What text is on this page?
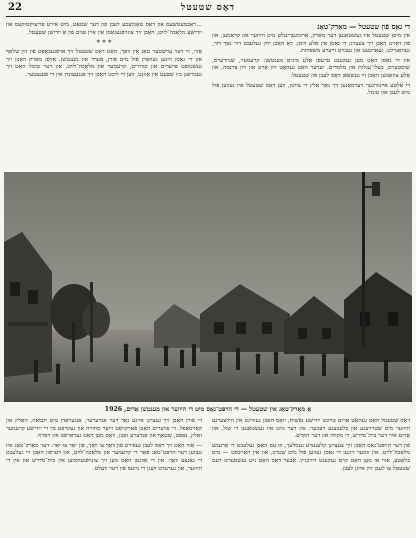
22	דאָס שטעטל

…ראַכמעטשעס און דאָס טאָגלעכע לעבן פֿון דער שטאָט, מיט אירע פּריציקטיקעס און ייִדישע מלאָכה־לײַט, האָבן זיך צונויפֿגעגאָסן אין איין פּנים פֿון אַ ייִדישן שטעטל.

* * *

אַזױ, װי דער ערשטער טאָג אין וואָך, האָט דאָס שטעטל זיך אױפֿגעכאַפּט פֿון זײַן שלאָף און די גאַסן זײַנען געװאָרן פֿול מיט פֿורן, פֿערד און מענטשן. אױפֿן מאַרק האָבן זיך געשטופּט פּױערים און סוחרים, קרעמער און מלאָכה־לײַט, און דער טומל האָט זיך געטראָגן ביז שפּעט אין אָװנט, ווען די ליכט האָבן זיך אָנגעצונדן אין די פֿענצטער.

די גאַס פֿון שטעטל — מאַרק־טאָג

אין מיטן שטעטל איז געשטאַנען דער מאַרק, אַרומגערינגלט מיט הײַזער און קראָמען, און פֿון דאָרט האָבן זיך צעצױגן די גאַסן אין אַלע זײַטן. דאָ האָבן ייִדן געלעבט דור נאָך דור, געהאַנדלט, געאַרבעט און געבױט זײערע משפּחות.

אין די גאַסן האָט מען געקענט טרעפֿן אַלע מינים מענטשן: קרעמער, שנײַדערס, שוסטערס, בעלי־עגלות און מלמדים. יעדער האָט געהאַט זײַן אָרט און זײַן פּרנסה, און אַלע צוזאַמען האָבן זײ געשאַפֿן דאָס לעבן פֿון שטעטל.

די אַלטע אײנװױנער דערמאָנען זיך נאָך אַלץ די צײַטן, ווען דאָס שטעטל איז געװען פֿול מיט לעבן און טומל.

אַ מאַרק־טאָג אין שטעטל — די הױפּט־גאַס מיט די הײַזער און מענטשן אַרום, 1926

די פֿורן האָבן זיך געצױגן איינע נאָך דער אַנדערער, אָנגעלאָדן מיט תּבואה, האָלץ און קאַרטאָפֿל. די פּױערים האָבן פֿאַרקױפֿט זײער סחורה און געקױפֿט בײַ די ייִדישע קרעמער זאַלץ, נאַפֿט, שטאָף און אַנדערע זאַכן, וואָס מען האָט געדאַרפֿט אין דאָרף.

— אַזױ האָט זיך דאָס לעבן געפֿירט פֿון װאָך צו װאָך, פֿון יאָר צו יאָר. דער מאַרק־טאָג איז געװען דער הױפּט־טאָג פֿאַר די קרעמער און מלאָכה־לײַט, און דערפֿון האָבן זײ געלעבט די גאַנצע װאָך. אין די אָװנטן האָט מען זיך צונױפֿגעקומען אין בית־מדרש און אין די הײַזער, און גערעדט װעגן די נײַעס פֿון דער װעלט.

דאָס שטעטל האָט געהאַט אַרום טױזנט ייִדישע נפֿשות, וואָס האָבן געװױנט אין הילצערנע הײַזער מיט שטרױענע און בלעכענע דעכער. אין דער מיט איז געשטאַנען די שול, און אַרום איר דער בית־מדרש, די מקווה און דער הקדש.

פֿון דער הױפּט־גאַס האָבן זיך צעצױגן קלענערע געסלעך, װוּ עס האָבן געלעבט די אָרעמע מלאָכה־לײַט. אין זומער זײַנען די גאַסן געװען פֿול מיט שטױב, און אין האַרבסט — מיט בלאָטע, אַזױ אַז מען האָט קױם געקענט דורכגײן. אָבער דאָס האָט ניט געשטערט דעם שטעטל צו לעבן זײַן אײגן לעבן.
